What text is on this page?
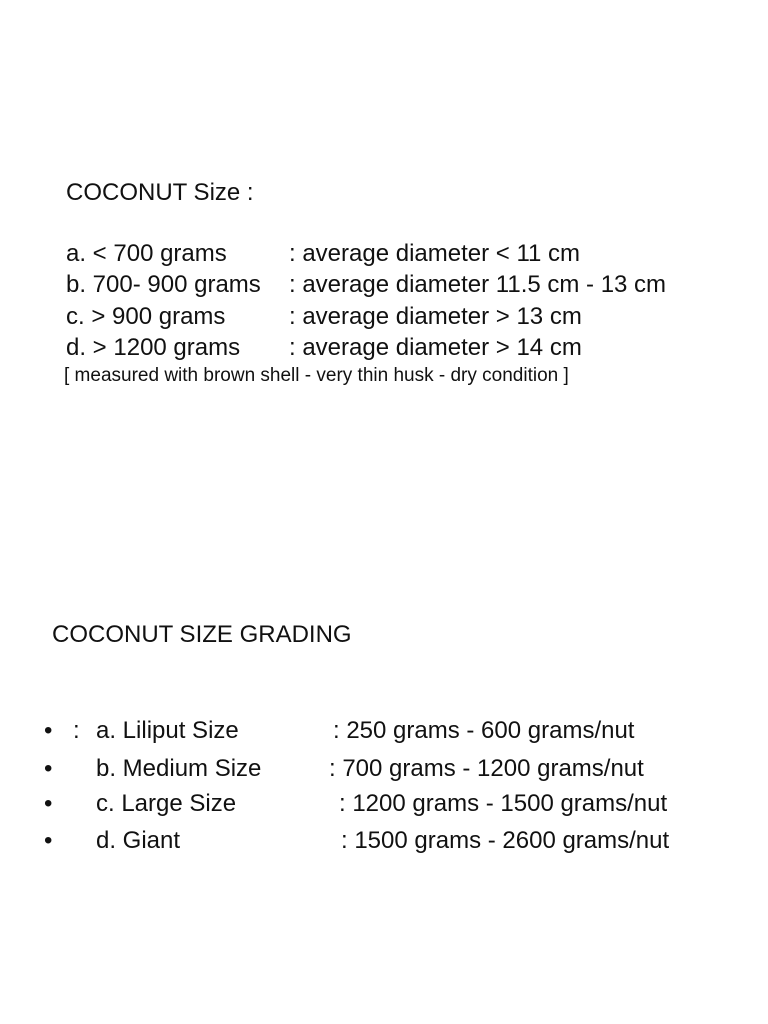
COCONUT Size :
a. < 700 grams	: average diameter < 11 cm
b. 700- 900 grams : average diameter 11.5 cm - 13 cm
c. > 900 grams	: average diameter > 13 cm
d. > 1200 grams : average diameter > 14 cm
[ measured with brown shell - very thin husk - dry condition ]
COCONUT SIZE GRADING
• : a. Liliput Size	: 250 grams - 600 grams/nut
• b. Medium Size	: 700 grams - 1200 grams/nut
• c. Large Size	: 1200 grams - 1500 grams/nut
• d. Giant	: 1500 grams - 2600 grams/nut
